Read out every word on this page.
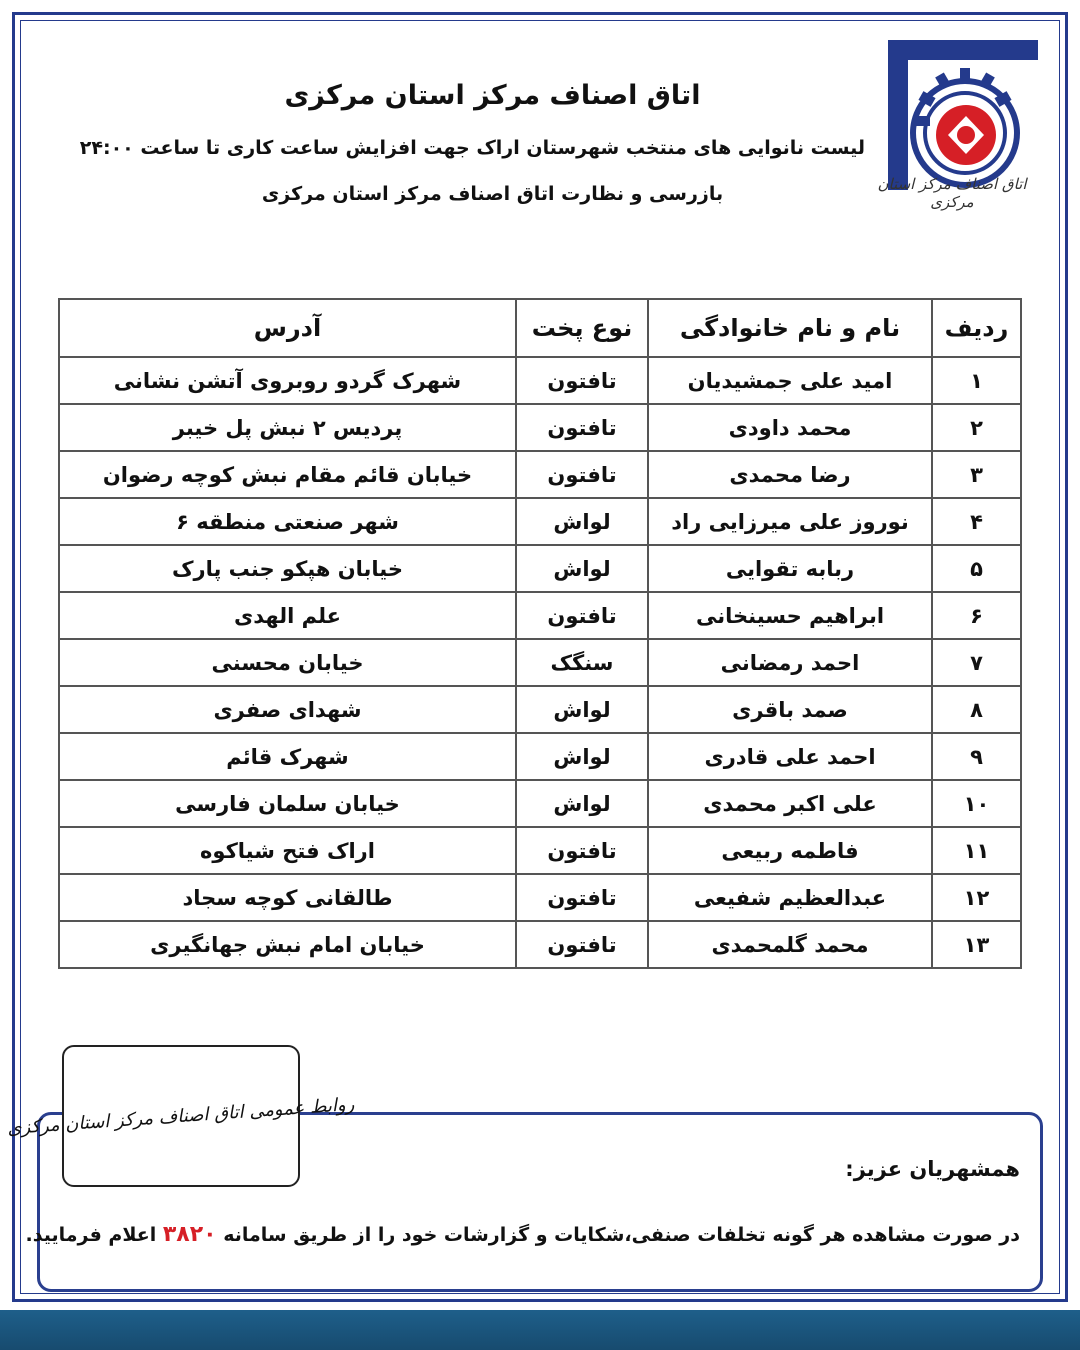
اتاق اصناف مرکز استان مرکزی
لیست نانوایی های منتخب شهرستان اراک جهت افزایش ساعت کاری تا ساعت ۲۴:۰۰
بازرسی و نظارت اتاق اصناف مرکز استان مرکزی	اتاق اصناف مرکز استان مرکزی
ردیف	نام و نام خانوادگی	نوع پخت	آدرس
۱	امید علی جمشیدیان	تافتون	شهرک گردو روبروی آتشن نشانی
۲	محمد داودی	تافتون	پردیس ۲ نبش پل خیبر
۳	رضا محمدی	تافتون	خیابان قائم مقام نبش کوچه رضوان
۴	نوروز علی میرزایی راد	لواش	شهر صنعتی منطقه ۶
۵	ربابه تقوایی	لواش	خیابان هپکو جنب پارک
۶	ابراهیم حسینخانی	تافتون	علم الهدی
۷	احمد رمضانی	سنگک	خیابان محسنی
۸	صمد باقری	لواش	شهدای صفری
۹	احمد علی قادری	لواش	شهرک قائم
۱۰	علی اکبر محمدی	لواش	خیابان سلمان فارسی
۱۱	فاطمه ربیعی	تافتون	اراک فتح شیاکوه
۱۲	عبدالعظیم شفیعی	تافتون	طالقانی کوچه سجاد
۱۳	محمد گلمحمدی	تافتون	خیابان امام نبش جهانگیری
روابط عمومی اتاق اصناف مرکز استان مرکزی
همشهریان عزیز:
در صورت مشاهده هر گونه تخلفات صنفی،شکایات و گزارشات خود را از طریق سامانه ۳۸۲۰ اعلام فرمایید.
